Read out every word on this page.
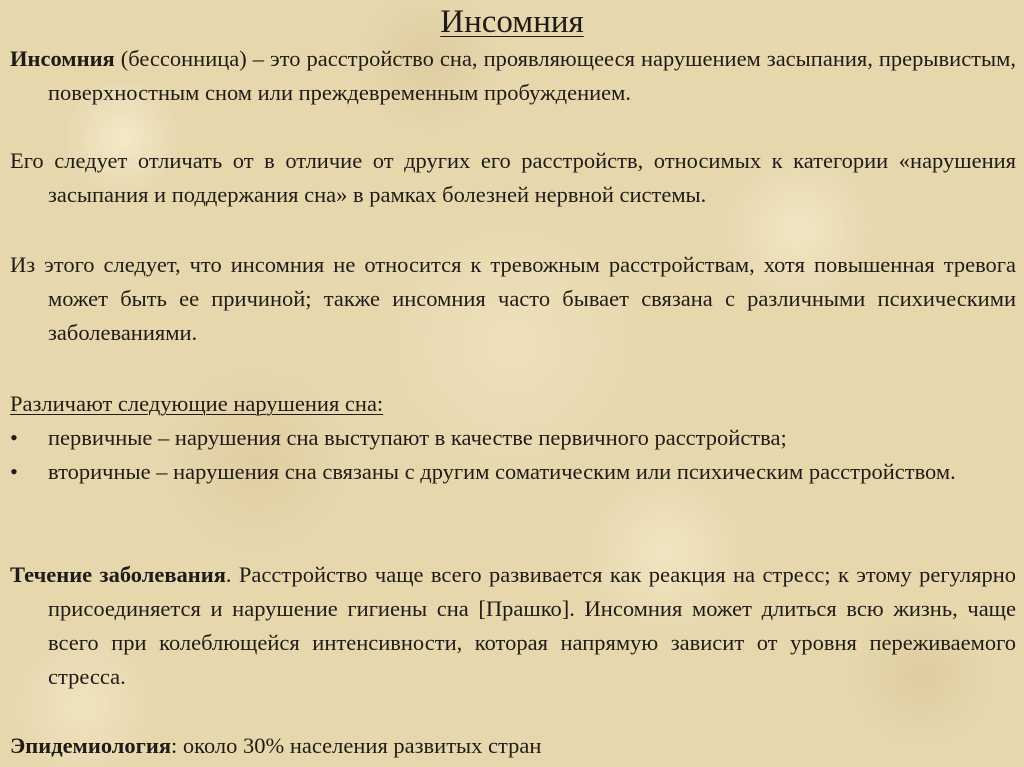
Инсомния

Инсомния (бессонница) – это расстройство сна, проявляющееся нарушением засыпания, прерывистым, поверхностным сном или преждевременным пробуждением.

Его следует отличать от в отличие от других его расстройств, относимых к категории «нарушения засыпания и поддержания сна» в рамках болезней нервной системы.

Из этого следует, что инсомния не относится к тревожным расстройствам, хотя повышенная тревога может быть ее причиной; также инсомния часто бывает связана с различными психическими заболеваниями.

Различают следующие нарушения сна:

•	первичные – нарушения сна выступают в качестве первичного расстройства;
•	вторичные – нарушения сна связаны с другим соматическим или психическим расстройством.

Течение заболевания. Расстройство чаще всего развивается как реакция на стресс; к этому регулярно присоединяется и нарушение гигиены сна [Прашко]. Инсомния может длиться всю жизнь, чаще всего при колеблющейся интенсивности, которая напрямую зависит от уровня переживаемого стресса.

Эпидемиология: около 30% населения развитых стран
